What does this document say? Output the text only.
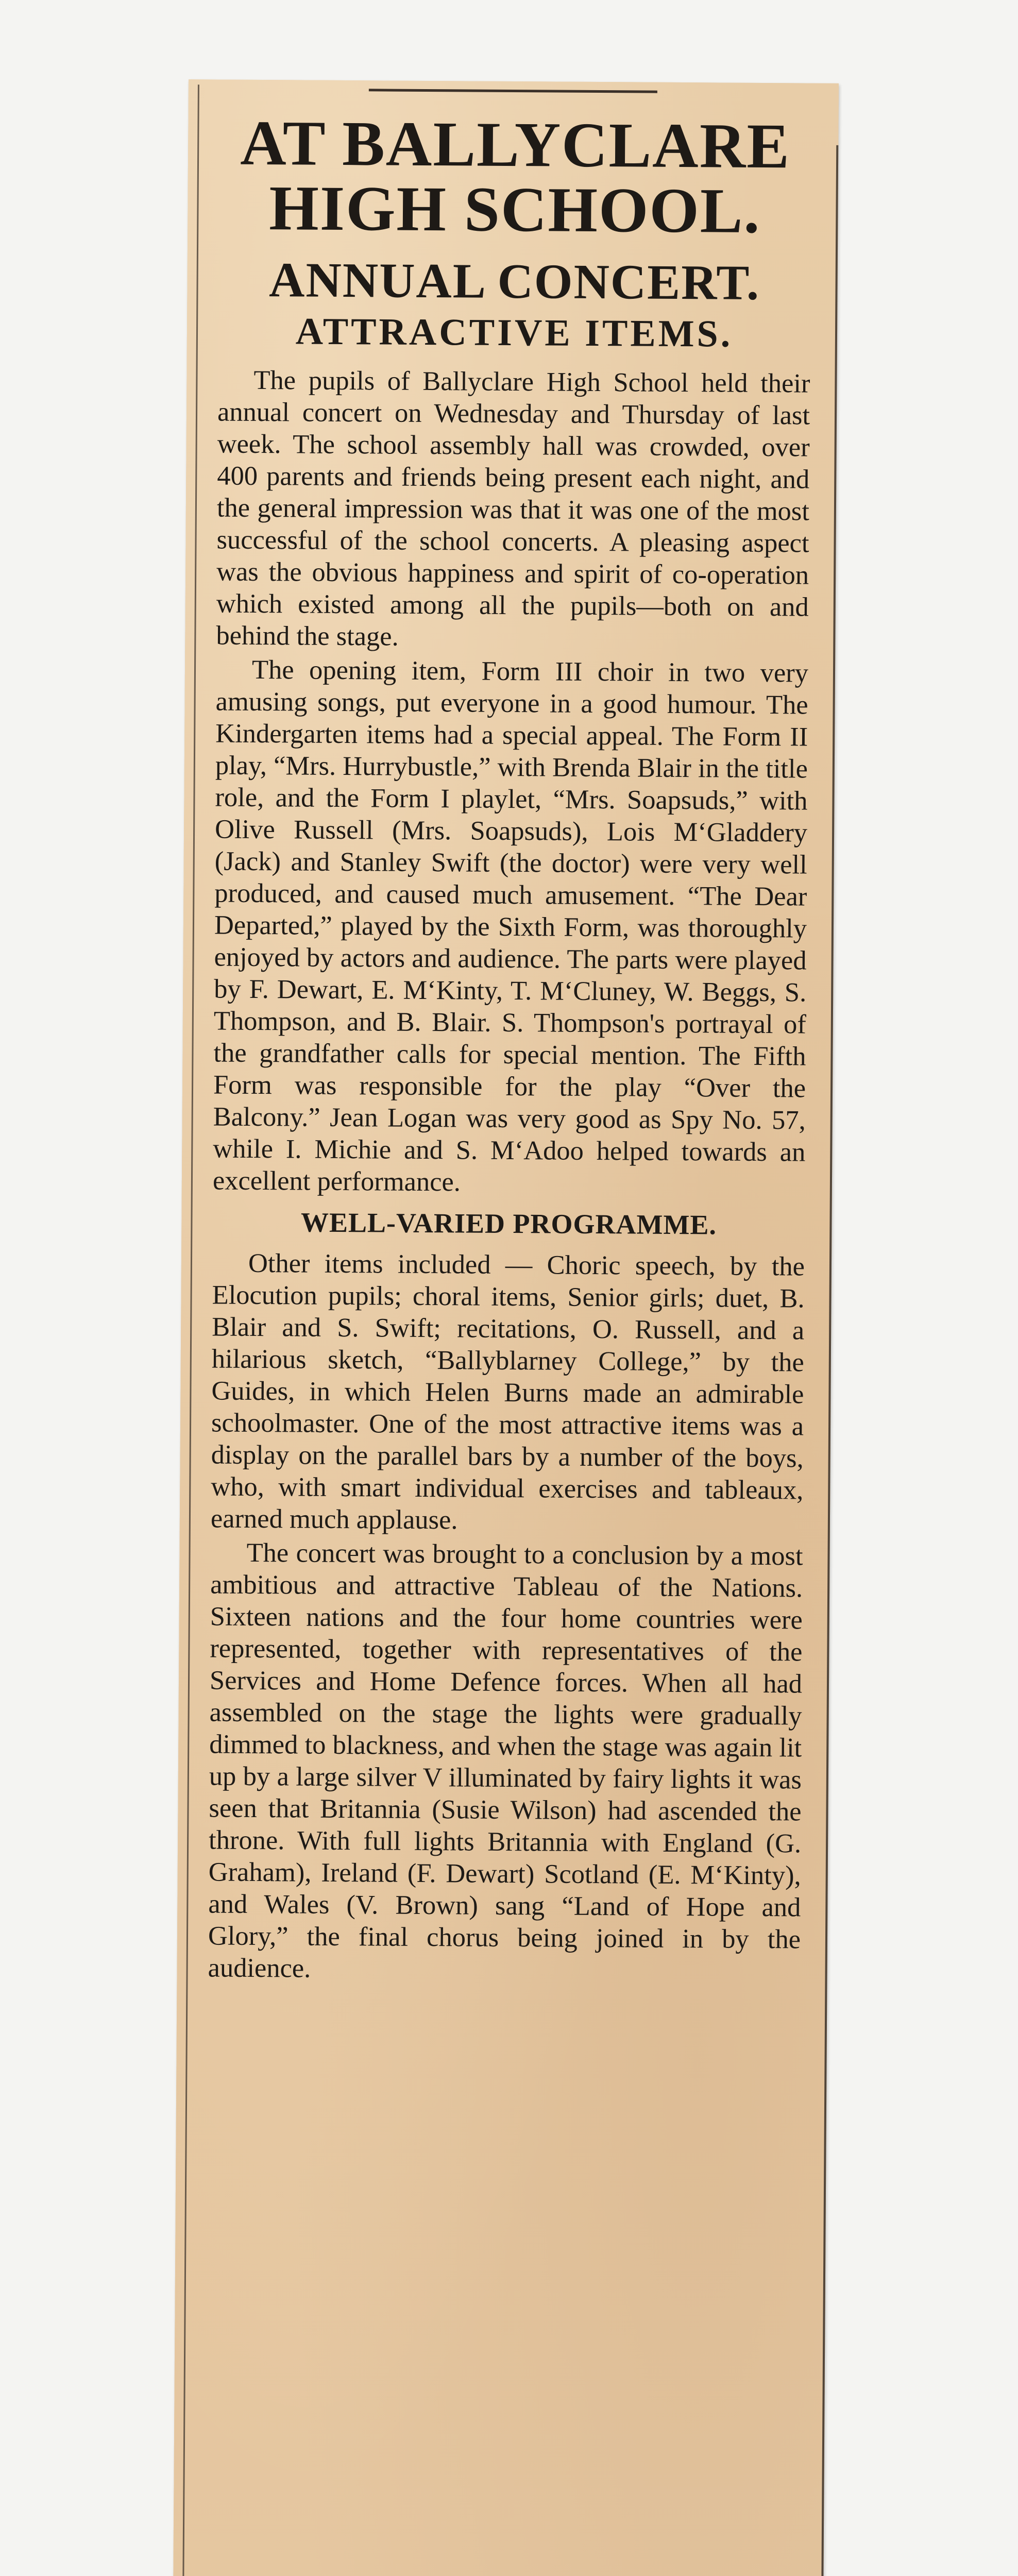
AT BALLYCLARE
HIGH SCHOOL.
ANNUAL CONCERT.
ATTRACTIVE ITEMS.

The pupils of Ballyclare High School held their annual concert on Wednesday and Thursday of last week. The school assembly hall was crowded, over 400 parents and friends being present each night, and the general impression was that it was one of the most successful of the school concerts. A pleasing aspect was the obvious happiness and spirit of co-operation which existed among all the pupils—both on and behind the stage.

The opening item, Form III choir in two very amusing songs, put everyone in a good humour. The Kindergarten items had a special appeal. The Form II play, “Mrs. Hurrybustle,” with Brenda Blair in the title role, and the Form I playlet, “Mrs. Soapsuds,” with Olive Russell (Mrs. Soapsuds), Lois M‘Gladdery (Jack) and Stanley Swift (the doctor) were very well produced, and caused much amusement. “The Dear Departed,” played by the Sixth Form, was thoroughly enjoyed by actors and audience. The parts were played by F. Dewart, E. M‘Kinty, T. M‘Cluney, W. Beggs, S. Thompson, and B. Blair. S. Thompson's portrayal of the grandfather calls for special mention. The Fifth Form was responsible for the play “Over the Balcony.” Jean Logan was very good as Spy No. 57, while I. Michie and S. M‘Adoo helped towards an excellent performance.

WELL-VARIED PROGRAMME.

Other items included — Choric speech, by the Elocution pupils; choral items, Senior girls; duet, B. Blair and S. Swift; recitations, O. Russell, and a hilarious sketch, “Ballyblarney College,” by the Guides, in which Helen Burns made an admirable schoolmaster. One of the most attractive items was a display on the parallel bars by a number of the boys, who, with smart individual exercises and tableaux, earned much applause.

The concert was brought to a conclusion by a most ambitious and attractive Tableau of the Nations. Sixteen nations and the four home countries were represented, together with representatives of the Services and Home Defence forces. When all had assembled on the stage the lights were gradually dimmed to blackness, and when the stage was again lit up by a large silver V illuminated by fairy lights it was seen that Britannia (Susie Wilson) had ascended the throne. With full lights Britannia with England (G. Graham), Ireland (F. Dewart) Scotland (E. M‘Kinty), and Wales (V. Brown) sang “Land of Hope and Glory,” the final chorus being joined in by the audience.
